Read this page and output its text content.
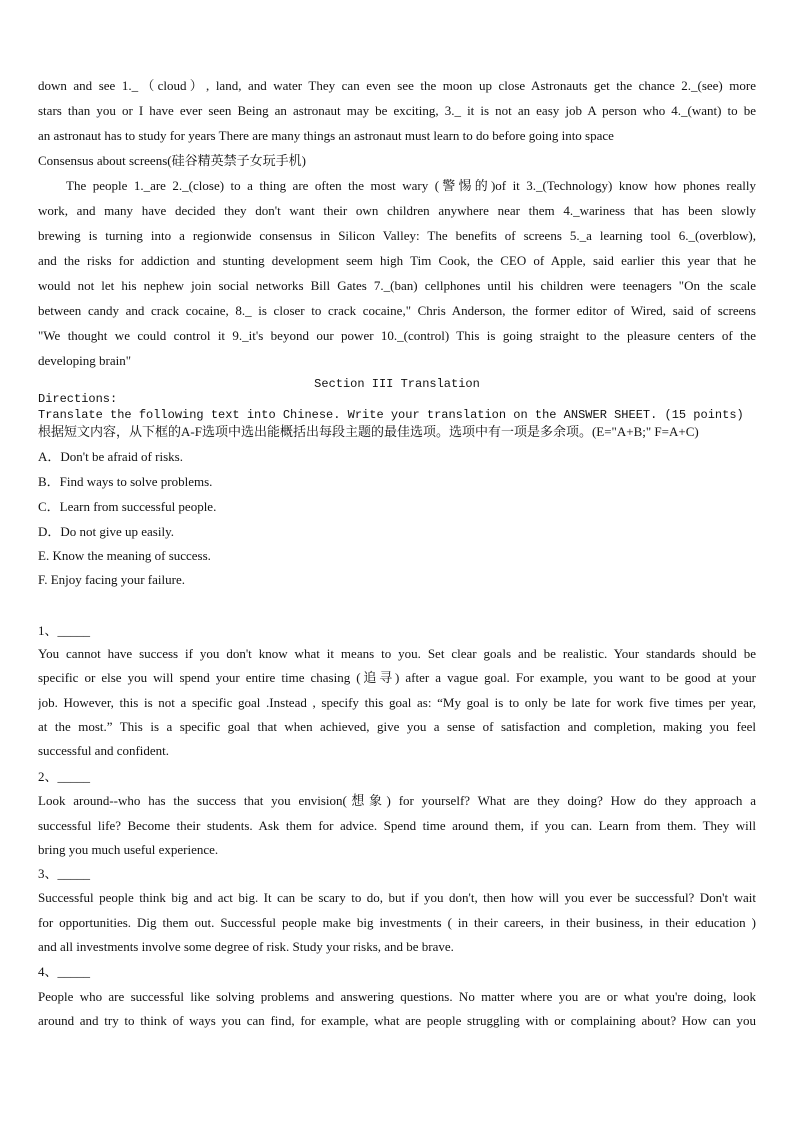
down and see 1._（cloud）, land, and water They can even see the moon up close Astronauts get the chance 2._(see) more
stars than you or I have ever seen Being an astronaut may be exciting, 3._ it is not an easy job A person who 4._(want) to be
an astronaut has to study for years There are many things an astronaut must learn to do before going into space
Consensus about screens(硅谷精英禁子女玩手机)
The people 1._are 2._(close) to a thing are often the most wary (警惕的)of it 3._(Technology) know how phones really
work, and many have decided they don't want their own children anywhere near them 4._wariness that has been slowly
brewing is turning into a regionwide consensus in Silicon Valley: The benefits of screens 5._a learning tool 6._(overblow),
and the risks for addiction and stunting development seem high Tim Cook, the CEO of Apple, said earlier this year that he
would not let his nephew join social networks Bill Gates 7._(ban) cellphones until his children were teenagers "On the scale
between candy and crack cocaine, 8._ is closer to crack cocaine," Chris Anderson, the former editor of Wired, said of screens
"We thought we could control it 9._it's beyond our power 10._(control) This is going straight to the pleasure centers of the
developing brain"
Section III Translation
Directions:
Translate the following text into Chinese. Write your translation on the ANSWER SHEET. (15 points)
根据短文内容，从下框的A-F选项中选出能概括出每段主题的最佳选项。选项中有一项是多余项。(E="A+B;" F=A+C)
A．Don't be afraid of risks.
B．Find ways to solve problems.
C．Learn from successful people.
D．Do not give up easily.
E. Know the meaning of success.
F. Enjoy facing your failure.
1、_____
You cannot have success if you don't know what it means to you. Set clear goals and be realistic. Your standards should be
specific or else you will spend your entire time chasing (追寻) after a vague goal. For example, you want to be good at your
job. However, this is not a specific goal .Instead , specify this goal as: “My goal is to only be late for work five times per year,
at the most.” This is a specific goal that when achieved, give you a sense of satisfaction and completion, making you feel
successful and confident.
2、_____
Look around--who has the success that you envision(想象) for yourself? What are they doing? How do they approach a
successful life? Become their students. Ask them for advice. Spend time around them, if you can. Learn from them. They will
bring you much useful experience.
3、_____
Successful people think big and act big. It can be scary to do, but if you don't, then how will you ever be successful? Don't wait
for opportunities. Dig them out. Successful people make big investments ( in their careers, in their business, in their education )
and all investments involve some degree of risk. Study your risks, and be brave.
4、_____
People who are successful like solving problems and answering questions. No matter where you are or what you're doing, look
around and try to think of ways you can find, for example, what are people struggling with or complaining about? How can you
